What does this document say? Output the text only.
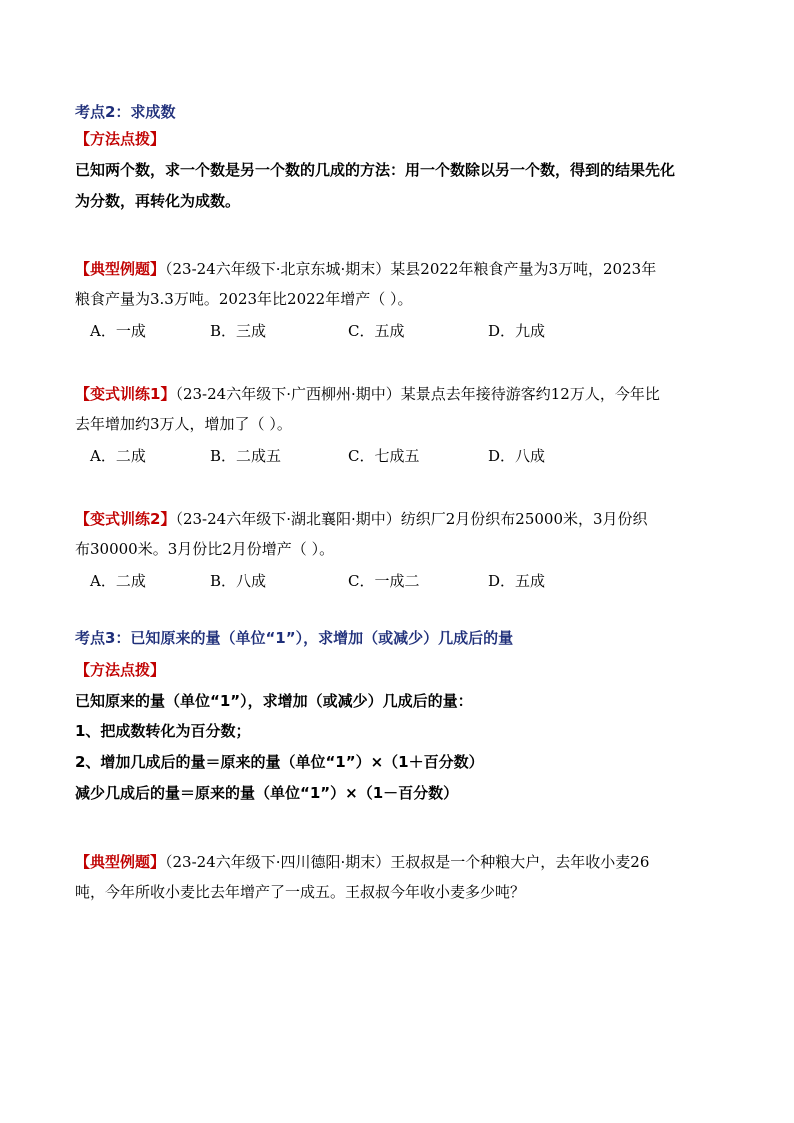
考点2：求成数
【方法点拨】
已知两个数，求一个数是另一个数的几成的方法：用一个数除以另一个数，得到的结果先化
为分数，再转化为成数。
【典型例题】（23-24六年级下·北京东城·期末）某县2022年粮食产量为3万吨，2023年
粮食产量为3.3万吨。2023年比2022年增产（ ）。
A．一成	B．三成	C．五成	D．九成
【变式训练1】（23-24六年级下·广西柳州·期中）某景点去年接待游客约12万人，今年比
去年增加约3万人，增加了（ ）。
A．二成	B．二成五	C．七成五	D．八成
【变式训练2】（23-24六年级下·湖北襄阳·期中）纺织厂2月份织布25000米，3月份织
布30000米。3月份比2月份增产（ ）。
A．二成	B．八成	C．一成二	D．五成
考点3：已知原来的量（单位“1”），求增加（或减少）几成后的量
【方法点拨】
已知原来的量（单位“1”），求增加（或减少）几成后的量：
1、把成数转化为百分数；
2、增加几成后的量＝原来的量（单位“1”）×（1＋百分数）
减少几成后的量＝原来的量（单位“1”）×（1－百分数）
【典型例题】（23-24六年级下·四川德阳·期末）王叔叔是一个种粮大户，去年收小麦26
吨，今年所收小麦比去年增产了一成五。王叔叔今年收小麦多少吨？
